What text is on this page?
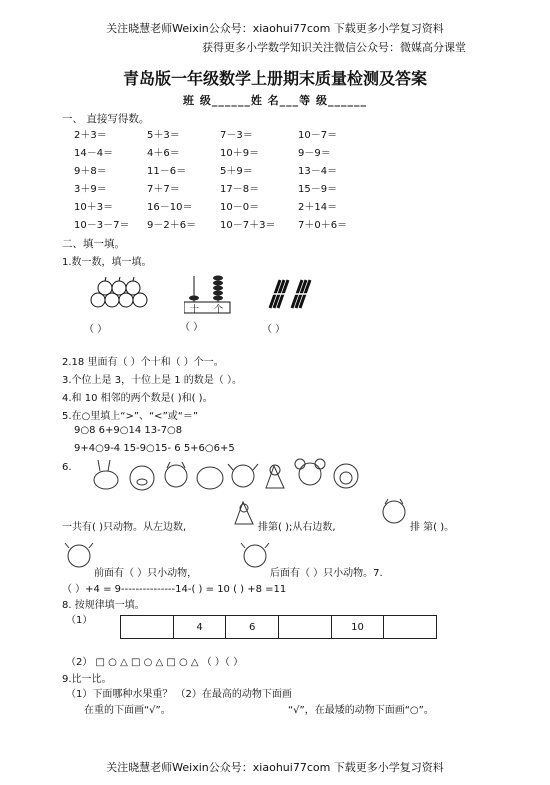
关注晓慧老师Weixin公众号：xiaohui77com 下载更多小学复习资料
获得更多小学数学知识关注微信公众号：微媒高分课堂
青岛版一年级数学上册期末质量检测及答案
班 级______姓 名___等 级______
一、 直接写得数。
2＋3＝	5＋3＝	7－3＝	10－7＝
14－4＝	4＋6＝	10＋9＝	9－9＝
9＋8＝	11－6＝	5＋9＝	13－4＝
3＋9＝	7＋7＝	17－8＝	15－9＝
10＋3＝	16－10＝	10－0＝	2＋14＝
10－3－7＝ 9－2＋6＝ 10－7＋3＝ 7＋0＋6＝
二、填一填。
1.数一数，填一填。
十 个
（ ）	（ ）	（ ）
2.18 里面有（ ）个十和（ ）个一。
3.个位上是 3，十位上是 1 的数是（ ）。
4.和 10 相邻的两个数是( )和( )。
5.在○里填上“>”、“<”或“＝”
9○8 6+9○14 13-7○8
9+4○9-4 15-9○15- 6 5+6○6+5
6.
一共有( )只动物。从左边数,	排第( );从右边数,	排 第( )。
前面有（ ）只小动物，	后面有（ ）只小动物。7.
（ ）+4 = 9---------------14-( ) = 10 ( ) +8 =11
8. 按规律填一填。
（1）
4	6	10
（2） □ ○ △ □ ○ △ □ ○ △ （ ）（ ）
9.比一比。
（1）下面哪种水果重？ （2）在最高的动物下面画
在重的下面画“√”。	“√”，在最矮的动物下面画“○”。
关注晓慧老师Weixin公众号：xiaohui77com 下载更多小学复习资料
